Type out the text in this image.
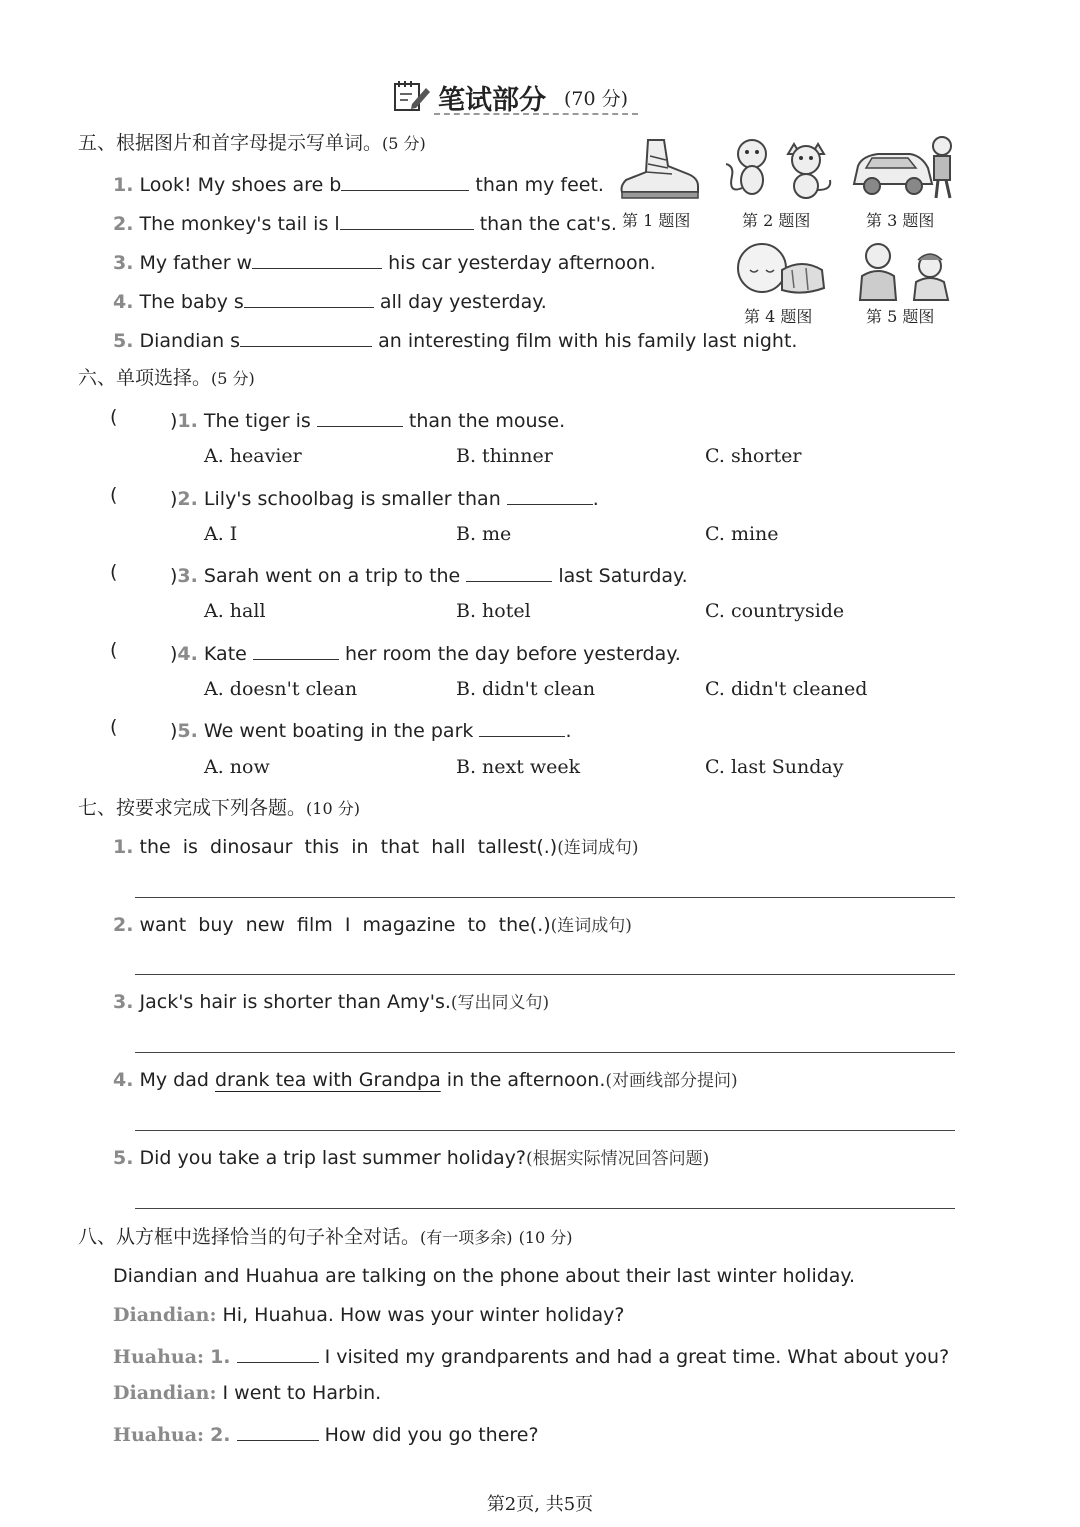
笔试部分 (70 分)
五、根据图片和首字母提示写单词。(5 分)
1. Look! My shoes are b	than my feet.
2. The monkey's tail is l	than the cat's.
3. My father w	his car yesterday afternoon.
4. The baby s	all day yesterday.
5. Diandian s	an interesting film with his family last night.
第 1 题图	第 2 题图	第 3 题图
第 4 题图	第 5 题图
六、单项选择。(5 分)
(	)1. The tiger is	than the mouse.
A. heavier	B. thinner	C. shorter
(	)2. Lily's schoolbag is smaller than	.
A. I	B. me	C. mine
(	)3. Sarah went on a trip to the	last Saturday.
A. hall	B. hotel	C. countryside
(	)4. Kate	her room the day before yesterday.
A. doesn't clean	B. didn't clean	C. didn't cleaned
(	)5. We went boating in the park	.
A. now	B. next week	C. last Sunday
七、按要求完成下列各题。(10 分)
1. the  is  dinosaur  this  in  that  hall  tallest(.)(连词成句)
2. want  buy  new  film  I  magazine  to  the(.)(连词成句)
3. Jack's hair is shorter than Amy's.(写出同义句)
4. My dad drank tea with Grandpa in the afternoon.(对画线部分提问)
5. Did you take a trip last summer holiday?(根据实际情况回答问题)
八、从方框中选择恰当的句子补全对话。(有一项多余) (10 分)
Diandian and Huahua are talking on the phone about their last winter holiday.
Diandian: Hi, Huahua. How was your winter holiday?
Huahua: 1.	I visited my grandparents and had a great time. What about you?
Diandian: I went to Harbin.
Huahua: 2.	How did you go there?
第2页, 共5页
